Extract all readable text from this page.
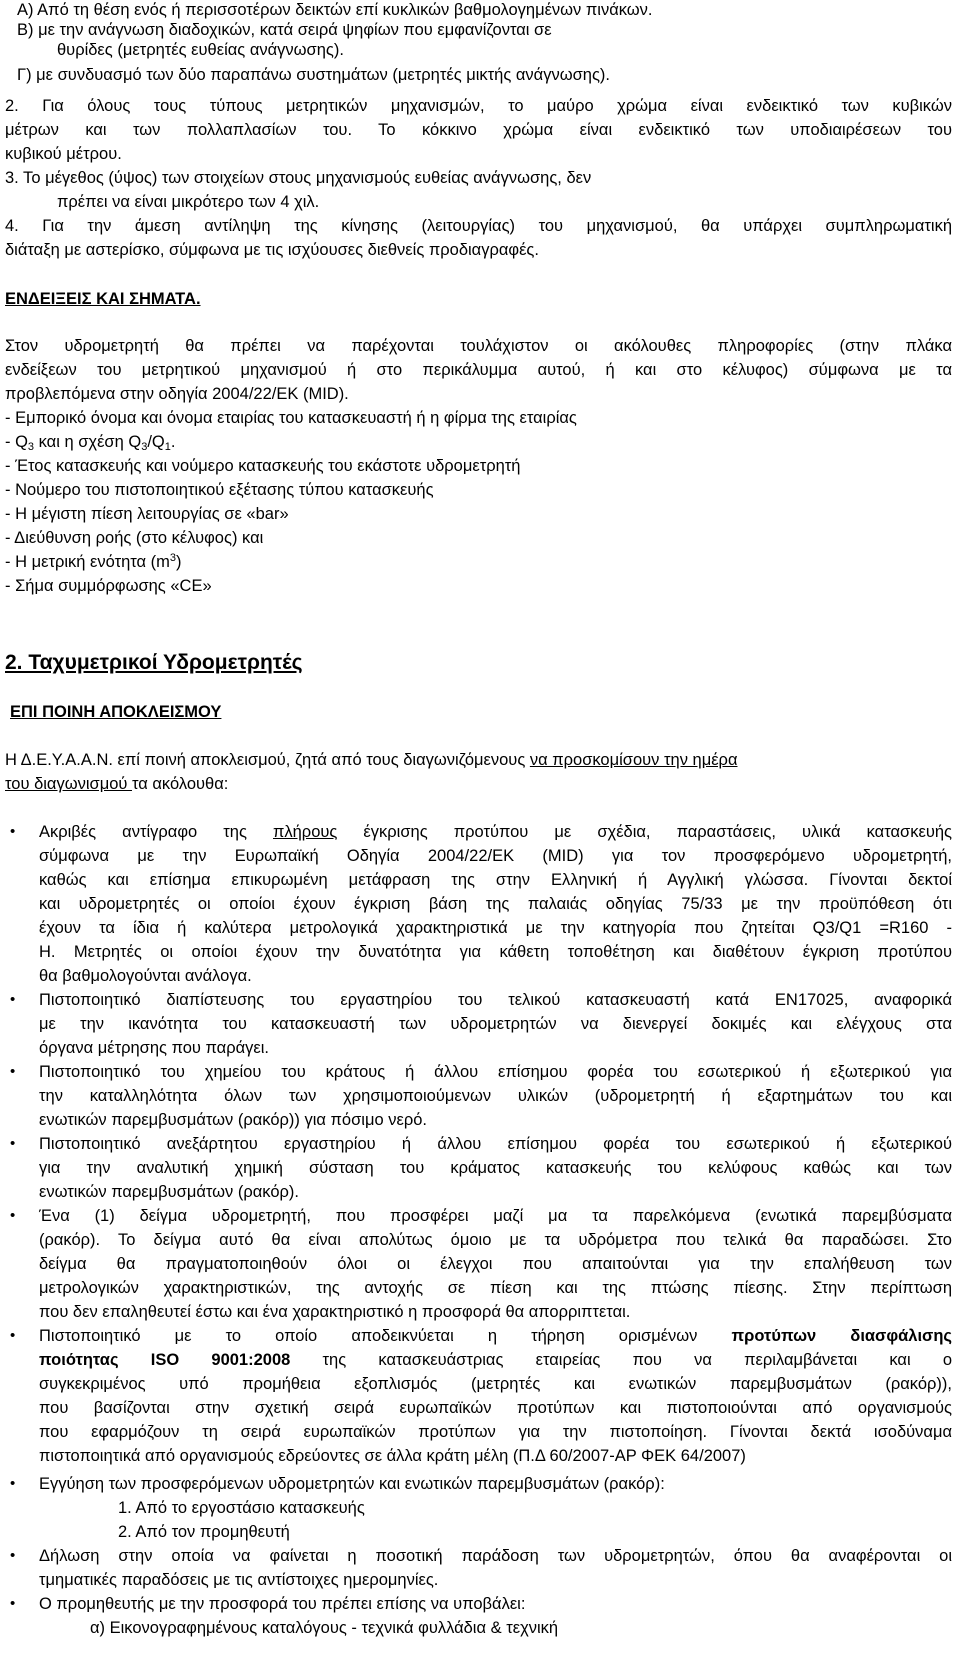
Α) Από τη θέση ενός ή περισσοτέρων δεικτών επί κυκλικών βαθμολογημένων πινάκων.
Β) με την ανάγνωση διαδοχικών, κατά σειρά ψηφίων που εμφανίζονται σε
θυρίδες (μετρητές ευθείας ανάγνωσης).
Γ) με συνδυασμό των δύο παραπάνω συστημάτων (μετρητές μικτής ανάγνωσης).
2. Για όλους τους τύπους μετρητικών μηχανισμών, το μαύρο χρώμα είναι ενδεικτικό των κυβικών
μέτρων και των πολλαπλασίων του. Το κόκκινο χρώμα είναι ενδεικτικό των υποδιαιρέσεων του
κυβικού μέτρου.
3. Το μέγεθος (ύψος) των στοιχείων στους μηχανισμούς ευθείας ανάγνωσης, δεν
πρέπει να είναι μικρότερο των 4 χιλ.
4. Για την άμεση αντίληψη της κίνησης (λειτουργίας) του μηχανισμού, θα υπάρχει συμπληρωματική
διάταξη με αστερίσκο, σύμφωνα με τις ισχύουσες διεθνείς προδιαγραφές.
ΕΝΔΕΙΞΕΙΣ ΚΑΙ ΣΗΜΑΤΑ.
Στον υδρομετρητή θα πρέπει να παρέχονται τουλάχιστον οι ακόλουθες πληροφορίες (στην πλάκα
ενδείξεων του μετρητικού μηχανισμού ή στο περικάλυμμα αυτού, ή και στο κέλυφος) σύμφωνα με τα
προβλεπόμενα στην οδηγία 2004/22/ΕΚ (MID).
- Εμπορικό όνομα και όνομα εταιρίας του κατασκευαστή ή η φίρμα της εταιρίας
- $Q_3$ και η σχέση $Q_3/Q_1$.
- Έτος κατασκευής και νούμερο κατασκευής του εκάστοτε υδρομετρητή
- Νούμερο του πιστοποιητικού εξέτασης τύπου κατασκευής
- Η μέγιστη πίεση λειτουργίας σε «bar»
- Διεύθυνση ροής (στο κέλυφος) και
- Η μετρική ενότητα $(m^3)$
- Σήμα συμμόρφωσης «CE»
2. Ταχυμετρικοί Υδρομετρητές
ΕΠΙ ΠΟΙΝΗ ΑΠΟΚΛΕΙΣΜΟΥ
Η Δ.Ε.Υ.Α.Α.Ν. επί ποινή αποκλεισμού, ζητά από τους διαγωνιζόμενους να προσκομίσουν την ημέρα
του διαγωνισμού τα ακόλουθα:
• Ακριβές αντίγραφο της πλήρους έγκρισης προτύπου με σχέδια, παραστάσεις, υλικά κατασκευής
σύμφωνα με την Ευρωπαϊκή Οδηγία 2004/22/ΕΚ (MID) για τον προσφερόμενο υδρομετρητή,
καθώς και επίσημα επικυρωμένη μετάφραση της στην Ελληνική ή Αγγλική γλώσσα. Γίνονται δεκτοί
και υδρομετρητές οι οποίοι έχουν έγκριση βάση της παλαιάς οδηγίας 75/33 με την προϋπόθεση ότι
έχουν τα ίδια ή καλύτερα μετρολογικά χαρακτηριστικά με την κατηγορία που ζητείται Q3/Q1 =R160 -
Η. Μετρητές οι οποίοι έχουν την δυνατότητα για κάθετη τοποθέτηση και διαθέτουν έγκριση προτύπου
θα βαθμολογούνται ανάλογα.
• Πιστοποιητικό διαπίστευσης του εργαστηρίου του τελικού κατασκευαστή κατά ΕΝ17025, αναφορικά
με την ικανότητα του κατασκευαστή των υδρομετρητών να διενεργεί δοκιμές και ελέγχους στα
όργανα μέτρησης που παράγει.
• Πιστοποιητικό του χημείου του κράτους ή άλλου επίσημου φορέα του εσωτερικού ή εξωτερικού για
την καταλληλότητα όλων των χρησιμοποιούμενων υλικών (υδρομετρητή ή εξαρτημάτων του και
ενωτικών παρεμβυσμάτων (ρακόρ)) για πόσιμο νερό.
• Πιστοποιητικό ανεξάρτητου εργαστηρίου ή άλλου επίσημου φορέα του εσωτερικού ή εξωτερικού
για την αναλυτική χημική σύσταση του κράματος κατασκευής του κελύφους καθώς και των
ενωτικών παρεμβυσμάτων (ρακόρ).
• Ένα (1) δείγμα υδρομετρητή, που προσφέρει μαζί μα τα παρελκόμενα (ενωτικά παρεμβύσματα
(ρακόρ). Το δείγμα αυτό θα είναι απολύτως όμοιο με τα υδρόμετρα που τελικά θα παραδώσει. Στο
δείγμα θα πραγματοποιηθούν όλοι οι έλεγχοι που απαιτούνται για την επαλήθευση των
μετρολογικών χαρακτηριστικών, της αντοχής σε πίεση και της πτώσης πίεσης. Στην περίπτωση
που δεν επαληθευτεί έστω και ένα χαρακτηριστικό η προσφορά θα απορριπτεται.
• Πιστοποιητικό με το οποίο αποδεικνύεται η τήρηση ορισμένων προτύπων διασφάλισης
ποιότητας ISO 9001:2008 της κατασκευάστριας εταιρείας που να περιλαμβάνεται και ο
συγκεκριμένος υπό προμήθεια εξοπλισμός (μετρητές και ενωτικών παρεμβυσμάτων (ρακόρ)),
που βασίζονται στην σχετική σειρά ευρωπαϊκών προτύπων και πιστοποιούνται από οργανισμούς
που εφαρμόζουν τη σειρά ευρωπαϊκών προτύπων για την πιστοποίηση. Γίνονται δεκτά ισοδύναμα
πιστοποιητικά από οργανισμούς εδρεύοντες σε άλλα κράτη μέλη (Π.Δ 60/2007-ΑΡ ΦΕΚ 64/2007)
• Εγγύηση των προσφερόμενων υδρομετρητών και ενωτικών παρεμβυσμάτων (ρακόρ):
1. Από το εργοστάσιο κατασκευής
2. Από τον προμηθευτή
• Δήλωση στην οποία να φαίνεται η ποσοτική παράδοση των υδρομετρητών, όπου θα αναφέρονται οι
τμηματικές παραδόσεις με τις αντίστοιχες ημερομηνίες.
• Ο προμηθευτής με την προσφορά του πρέπει επίσης να υποβάλει:
α) Εικονογραφημένους καταλόγους - τεχνικά φυλλάδια & τεχνική
